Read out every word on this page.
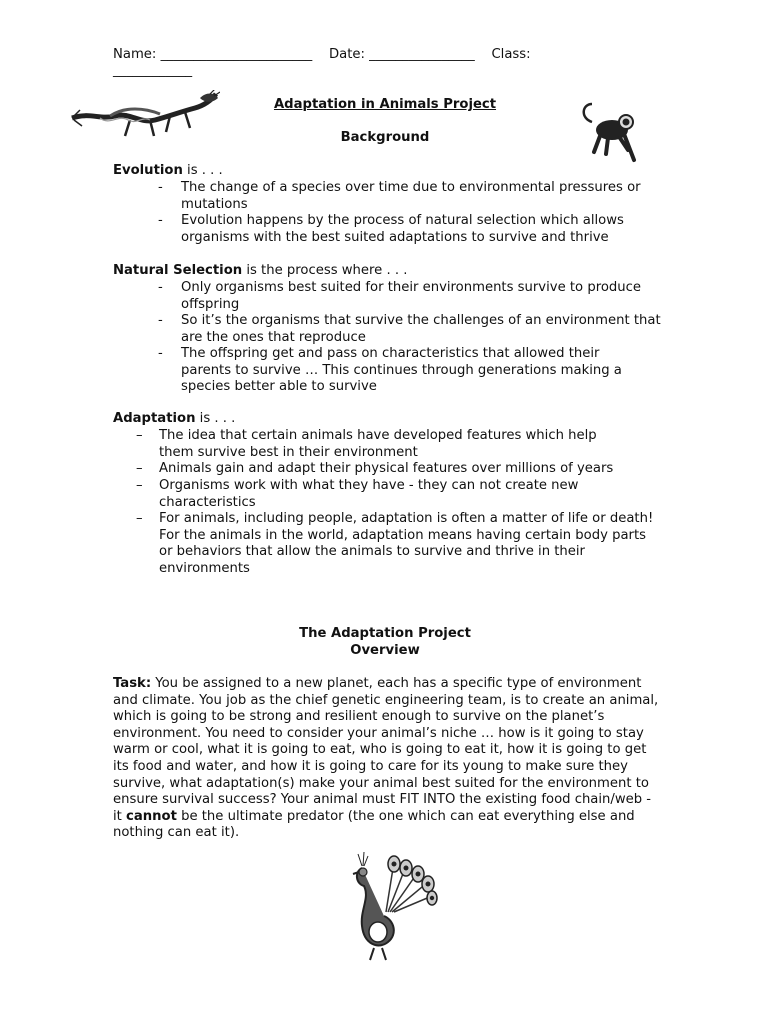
Name: _______________________ Date: ________________ Class:
____________
Adaptation in Animals Project
Background
Evolution is . . .
-	The change of a species over time due to environmental pressures or mutations
-	Evolution happens by the process of natural selection which allows organisms with the best suited adaptations to survive and thrive
Natural Selection is the process where . . .
-	Only organisms best suited for their environments survive to produce offspring
-	So it’s the organisms that survive the challenges of an environment that are the ones that reproduce
-	The offspring get and pass on characteristics that allowed their parents to survive … This continues through generations making a species better able to survive
Adaptation is . . .
–	The idea that certain animals have developed features which help them survive best in their environment
–	Animals gain and adapt their physical features over millions of years
–	Organisms work with what they have - they can not create new characteristics
–	For animals, including people, adaptation is often a matter of life or death! For the animals in the world, adaptation means having certain body parts or behaviors that allow the animals to survive and thrive in their environments
The Adaptation Project
Overview
Task: You be assigned to a new planet, each has a specific type of environment and climate. You job as the chief genetic engineering team, is to create an animal, which is going to be strong and resilient enough to survive on the planet’s environment. You need to consider your animal’s niche … how is it going to stay warm or cool, what it is going to eat, who is going to eat it, how it is going to get its food and water, and how it is going to care for its young to make sure they survive, what adaptation(s) make your animal best suited for the environment to ensure survival success? Your animal must FIT INTO the existing food chain/web - it cannot be the ultimate predator (the one which can eat everything else and nothing can eat it).
